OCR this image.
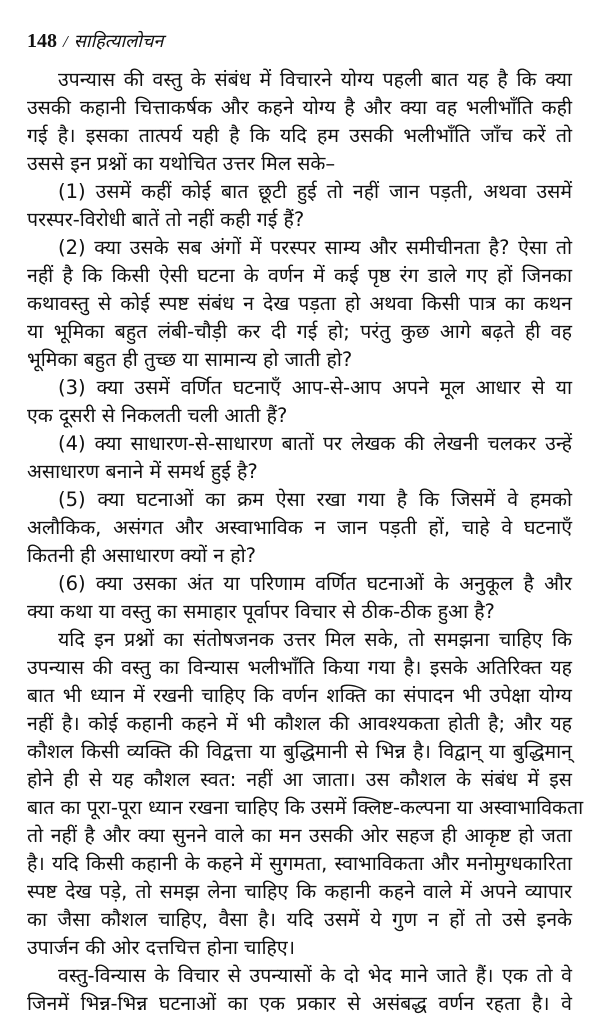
148 / साहित्यालोचन
उपन्यास की वस्तु के संबंध में विचारने योग्य पहली बात यह है कि क्या
उसकी कहानी चित्ताकर्षक और कहने योग्य है और क्या वह भलीभाँति कही
गई है। इसका तात्पर्य यही है कि यदि हम उसकी भलीभाँति जाँच करें तो
उससे इन प्रश्नों का यथोचित उत्तर मिल सके–
(1) उसमें कहीं कोई बात छूटी हुई तो नहीं जान पड़ती, अथवा उसमें
परस्पर-विरोधी बातें तो नहीं कही गई हैं?
(2) क्या उसके सब अंगों में परस्पर साम्य और समीचीनता है? ऐसा तो
नहीं है कि किसी ऐसी घटना के वर्णन में कई पृष्ठ रंग डाले गए हों जिनका
कथावस्तु से कोई स्पष्ट संबंध न देख पड़ता हो अथवा किसी पात्र का कथन
या भूमिका बहुत लंबी-चौड़ी कर दी गई हो; परंतु कुछ आगे बढ़ते ही वह
भूमिका बहुत ही तुच्छ या सामान्य हो जाती हो?
(3) क्या उसमें वर्णित घटनाएँ आप-से-आप अपने मूल आधार से या
एक दूसरी से निकलती चली आती हैं?
(4) क्या साधारण-से-साधारण बातों पर लेखक की लेखनी चलकर उन्हें
असाधारण बनाने में समर्थ हुई है?
(5) क्या घटनाओं का क्रम ऐसा रखा गया है कि जिसमें वे हमको
अलौकिक, असंगत और अस्वाभाविक न जान पड़ती हों, चाहे वे घटनाएँ
कितनी ही असाधारण क्यों न हो?
(6) क्या उसका अंत या परिणाम वर्णित घटनाओं के अनुकूल है और
क्या कथा या वस्तु का समाहार पूर्वापर विचार से ठीक-ठीक हुआ है?
यदि इन प्रश्नों का संतोषजनक उत्तर मिल सके, तो समझना चाहिए कि
उपन्यास की वस्तु का विन्यास भलीभाँति किया गया है। इसके अतिरिक्त यह
बात भी ध्यान में रखनी चाहिए कि वर्णन शक्ति का संपादन भी उपेक्षा योग्य
नहीं है। कोई कहानी कहने में भी कौशल की आवश्यकता होती है; और यह
कौशल किसी व्यक्ति की विद्वत्ता या बुद्धिमानी से भिन्न है। विद्वान् या बुद्धिमान्
होने ही से यह कौशल स्वत: नहीं आ जाता। उस कौशल के संबंध में इस
बात का पूरा-पूरा ध्यान रखना चाहिए कि उसमें क्लिष्ट-कल्पना या अस्वाभाविकता
तो नहीं है और क्या सुनने वाले का मन उसकी ओर सहज ही आकृष्ट हो जता
है। यदि किसी कहानी के कहने में सुगमता, स्वाभाविकता और मनोमुग्धकारिता
स्पष्ट देख पड़े, तो समझ लेना चाहिए कि कहानी कहने वाले में अपने व्यापार
का जैसा कौशल चाहिए, वैसा है। यदि उसमें ये गुण न हों तो उसे इनके
उपार्जन की ओर दत्तचित्त होना चाहिए।
वस्तु-विन्यास के विचार से उपन्यासों के दो भेद माने जाते हैं। एक तो वे
जिनमें भिन्न-भिन्न घटनाओं का एक प्रकार से असंबद्ध वर्णन रहता है। वे
